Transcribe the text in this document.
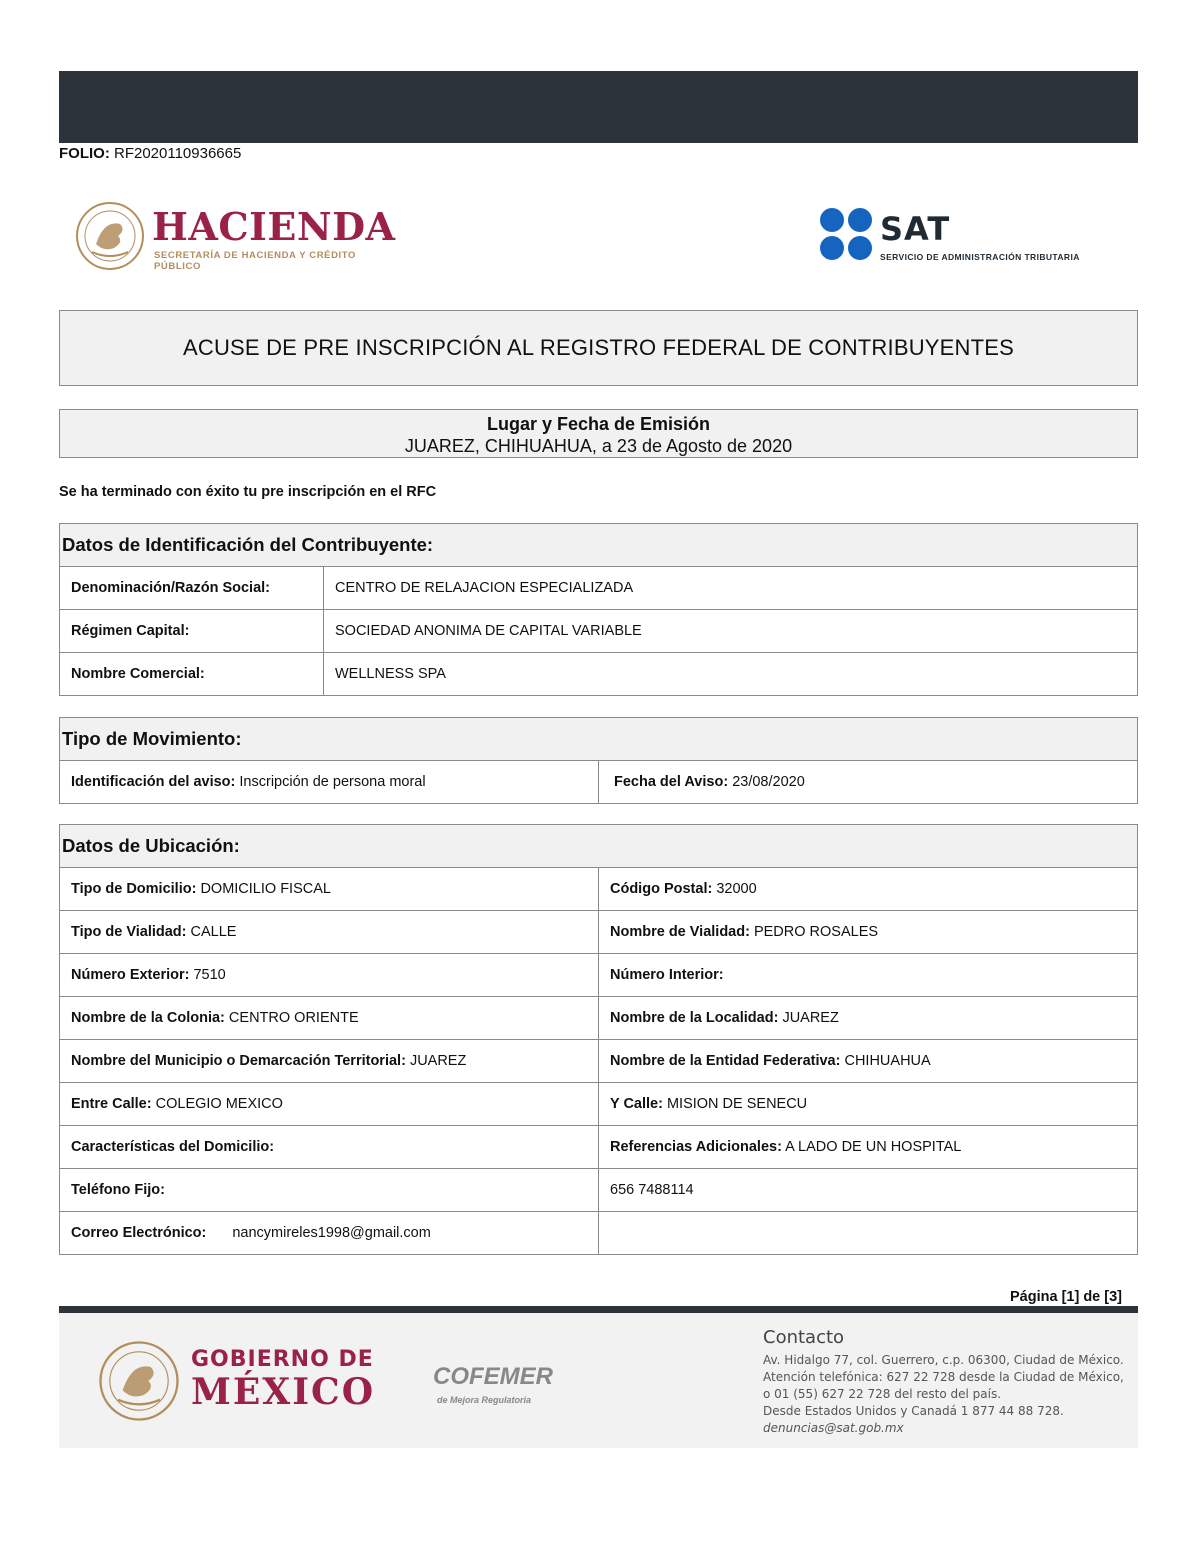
FOLIO: RF2020110936665
HACIENDA
SECRETARÍA DE HACIENDA Y CRÉDITO PÚBLICO
SAT
SERVICIO DE ADMINISTRACIÓN TRIBUTARIA
ACUSE DE PRE INSCRIPCIÓN AL REGISTRO FEDERAL DE CONTRIBUYENTES
Lugar y Fecha de Emisión
JUAREZ, CHIHUAHUA, a 23 de Agosto de 2020
Se ha terminado con éxito tu pre inscripción en el RFC
Datos de Identificación del Contribuyente:	
Denominación/Razón Social:	CENTRO DE RELAJACION ESPECIALIZADA
Régimen Capital:	SOCIEDAD ANONIMA DE CAPITAL VARIABLE
Nombre Comercial:	WELLNESS SPA
Tipo de Movimiento:
Identificación del aviso: Inscripción de persona moral	Fecha del Aviso: 23/08/2020
Datos de Ubicación:	
Tipo de Domicilio: DOMICILIO FISCAL	Código Postal: 32000
Tipo de Vialidad: CALLE	Nombre de Vialidad: PEDRO ROSALES
Número Exterior: 7510	Número Interior:
Nombre de la Colonia: CENTRO ORIENTE	Nombre de la Localidad: JUAREZ
Nombre del Municipio o Demarcación Territorial: JUAREZ	Nombre de la Entidad Federativa: CHIHUAHUA
Entre Calle: COLEGIO MEXICO	Y Calle: MISION DE SENECU
Características del Domicilio:	Referencias Adicionales: A LADO DE UN HOSPITAL
Teléfono Fijo:	656 7488114
Correo Electrónico: nancymireles1998@gmail.com	
Página [1] de [3]
GOBIERNO DE
MÉXICO COFEMER
de Mejora Regulatoria
Contacto
Av. Hidalgo 77, col. Guerrero, c.p. 06300, Ciudad de México.
Atención telefónica: 627 22 728 desde la Ciudad de México,
o 01 (55) 627 22 728 del resto del país.
Desde Estados Unidos y Canadá 1 877 44 88 728.
denuncias@sat.gob.mx
